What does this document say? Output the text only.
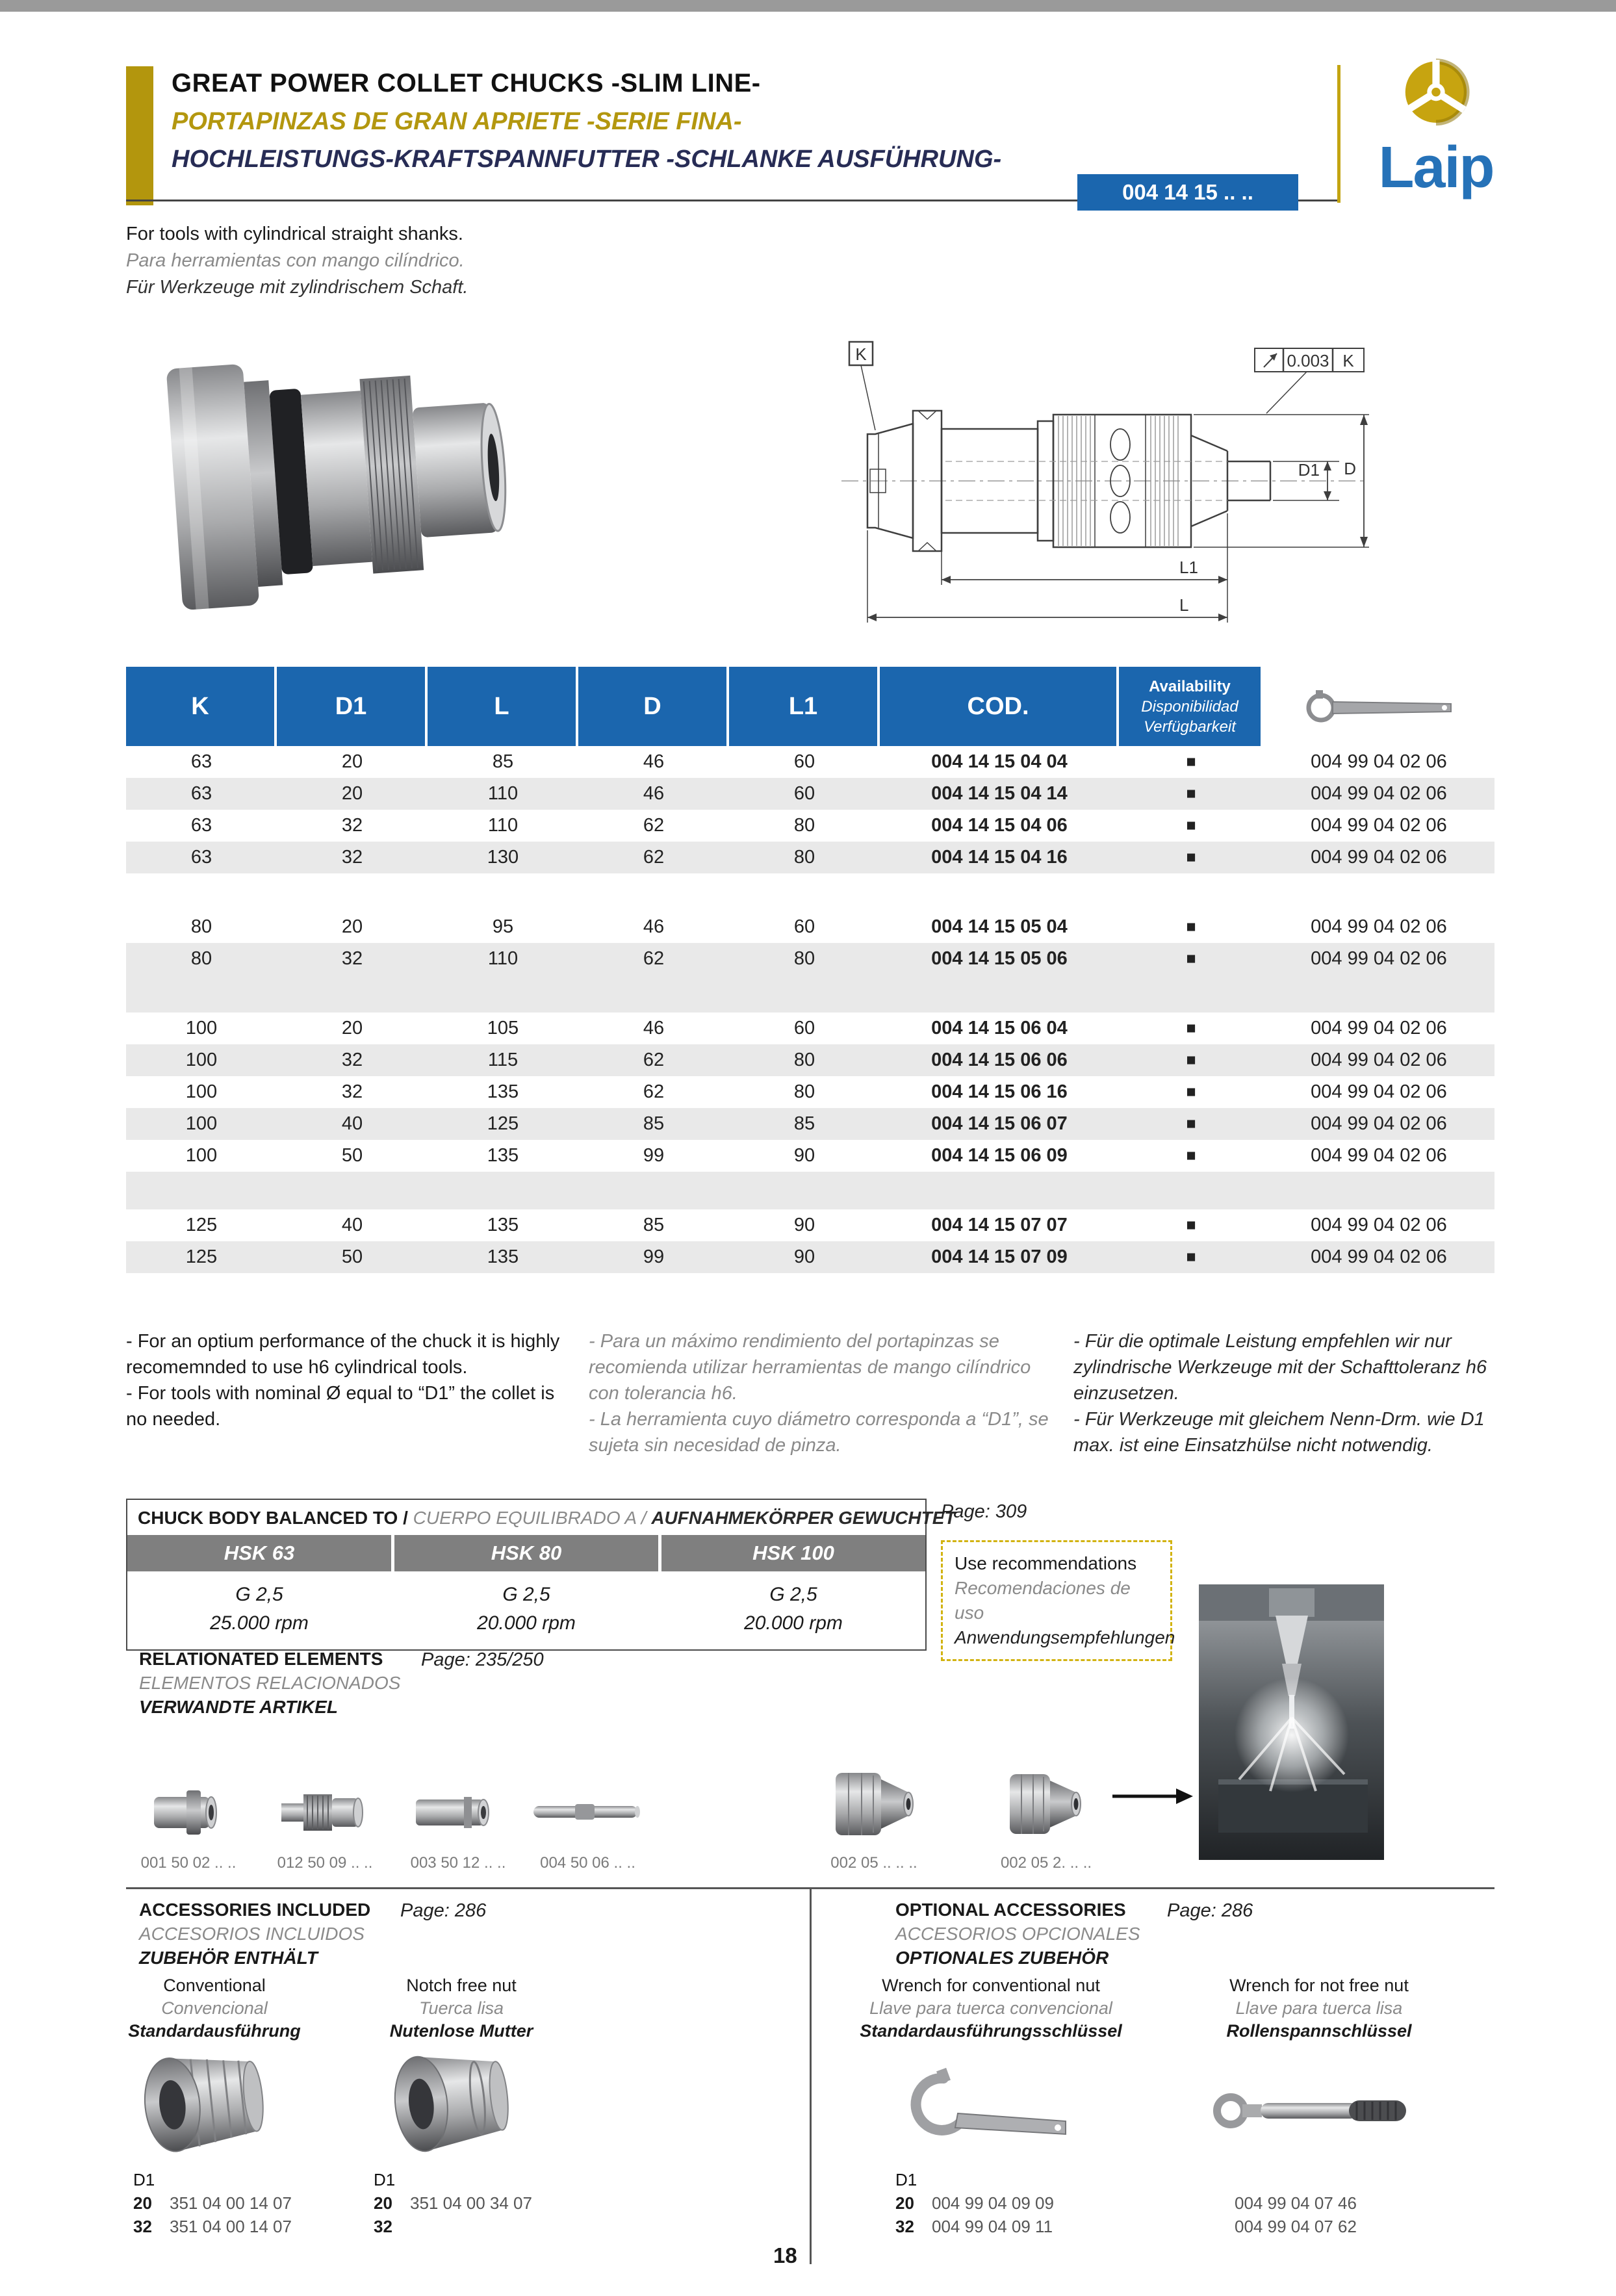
GREAT POWER COLLET CHUCKS -SLIM LINE-
PORTAPINZAS DE GRAN APRIETE -SERIE FINA-
HOCHLEISTUNGS-KRAFTSPANNFUTTER -SCHLANKE AUSFÜHRUNG-
004 14 15 .. ..	Laip
For tools with cylindrical straight shanks.
Para herramientas con mango cilíndrico.
Für Werkzeuge mit zylindrischem Schaft.
K	0.003 K
D
D1
L1
L
K	D1	L	D	L1	COD.
Availability
Disponibilidad
Verfügbarkeit
63	20	85	46	60	004 14 15 04 04	■	004 99 04 02 06
63	20	110	46	60	004 14 15 04 14	■	004 99 04 02 06
63	32	110	62	80	004 14 15 04 06	■	004 99 04 02 06
63	32	130	62	80	004 14 15 04 16	■	004 99 04 02 06
80	20	95	46	60	004 14 15 05 04	■	004 99 04 02 06
80	32	110	62	80	004 14 15 05 06	■	004 99 04 02 06
100	20	105	46	60	004 14 15 06 04	■	004 99 04 02 06
100	32	115	62	80	004 14 15 06 06	■	004 99 04 02 06
100	32	135	62	80	004 14 15 06 16	■	004 99 04 02 06
100	40	125	85	85	004 14 15 06 07	■	004 99 04 02 06
100	50	135	99	90	004 14 15 06 09	■	004 99 04 02 06
125	40	135	85	90	004 14 15 07 07	■	004 99 04 02 06
125	50	135	99	90	004 14 15 07 09	■	004 99 04 02 06
- For an optium performance of the chuck it is highly recomemnded to use h6 cylindrical tools.
- For tools with nominal Ø equal to “D1” the collet is no needed.
- Para un máximo rendimiento del portapinzas se recomienda utilizar herramientas de mango cilíndrico con tolerancia h6.
- La herramienta cuyo diámetro corresponda a “D1”, se sujeta sin necesidad de pinza.
- Für die optimale Leistung empfehlen wir nur zylindrische Werkzeuge mit der Schafttoleranz h6 einzusetzen.
- Für Werkzeuge mit gleichem Nenn-Drm. wie D1 max. ist eine Einsatzhülse nicht notwendig.
CHUCK BODY BALANCED TO / CUERPO EQUILIBRADO A / AUFNAHMEKÖRPER GEWUCHTET
HSK 63
G 2,5
25.000 rpm
HSK 80
G 2,5
20.000 rpm
HSK 100
G 2,5
20.000 rpm
Page: 309
Use recommendations
Recomendaciones de uso
Anwendungsempfehlungen
RELATIONATED ELEMENTS
ELEMENTOS RELACIONADOS
VERWANDTE ARTIKEL
Page: 235/250
001 50 02 .. ..	012 50 09 .. ..	003 50 12 .. ..	004 50 06 .. ..	002 05 .. .. ..	002 05 2. .. ..
ACCESSORIES INCLUDED
ACCESORIOS INCLUIDOS
ZUBEHÖR ENTHÄLT
Page: 286
Conventional
Convencional
Standardausführung
Notch free nut
Tuerca lisa
Nutenlose Mutter
D1
20 351 04 00 14 07
32 351 04 00 14 07
D1
20 351 04 00 34 07
32
OPTIONAL ACCESSORIES
ACCESORIOS OPCIONALES
OPTIONALES ZUBEHÖR
Page: 286
Wrench for conventional nut
Llave para tuerca convencional
Standardausführungsschlüssel
Wrench for not free nut
Llave para tuerca lisa
Rollenspannschlüssel
D1
20 004 99 04 09 09
32 004 99 04 09 11
004 99 04 07 46
004 99 04 07 62
18
